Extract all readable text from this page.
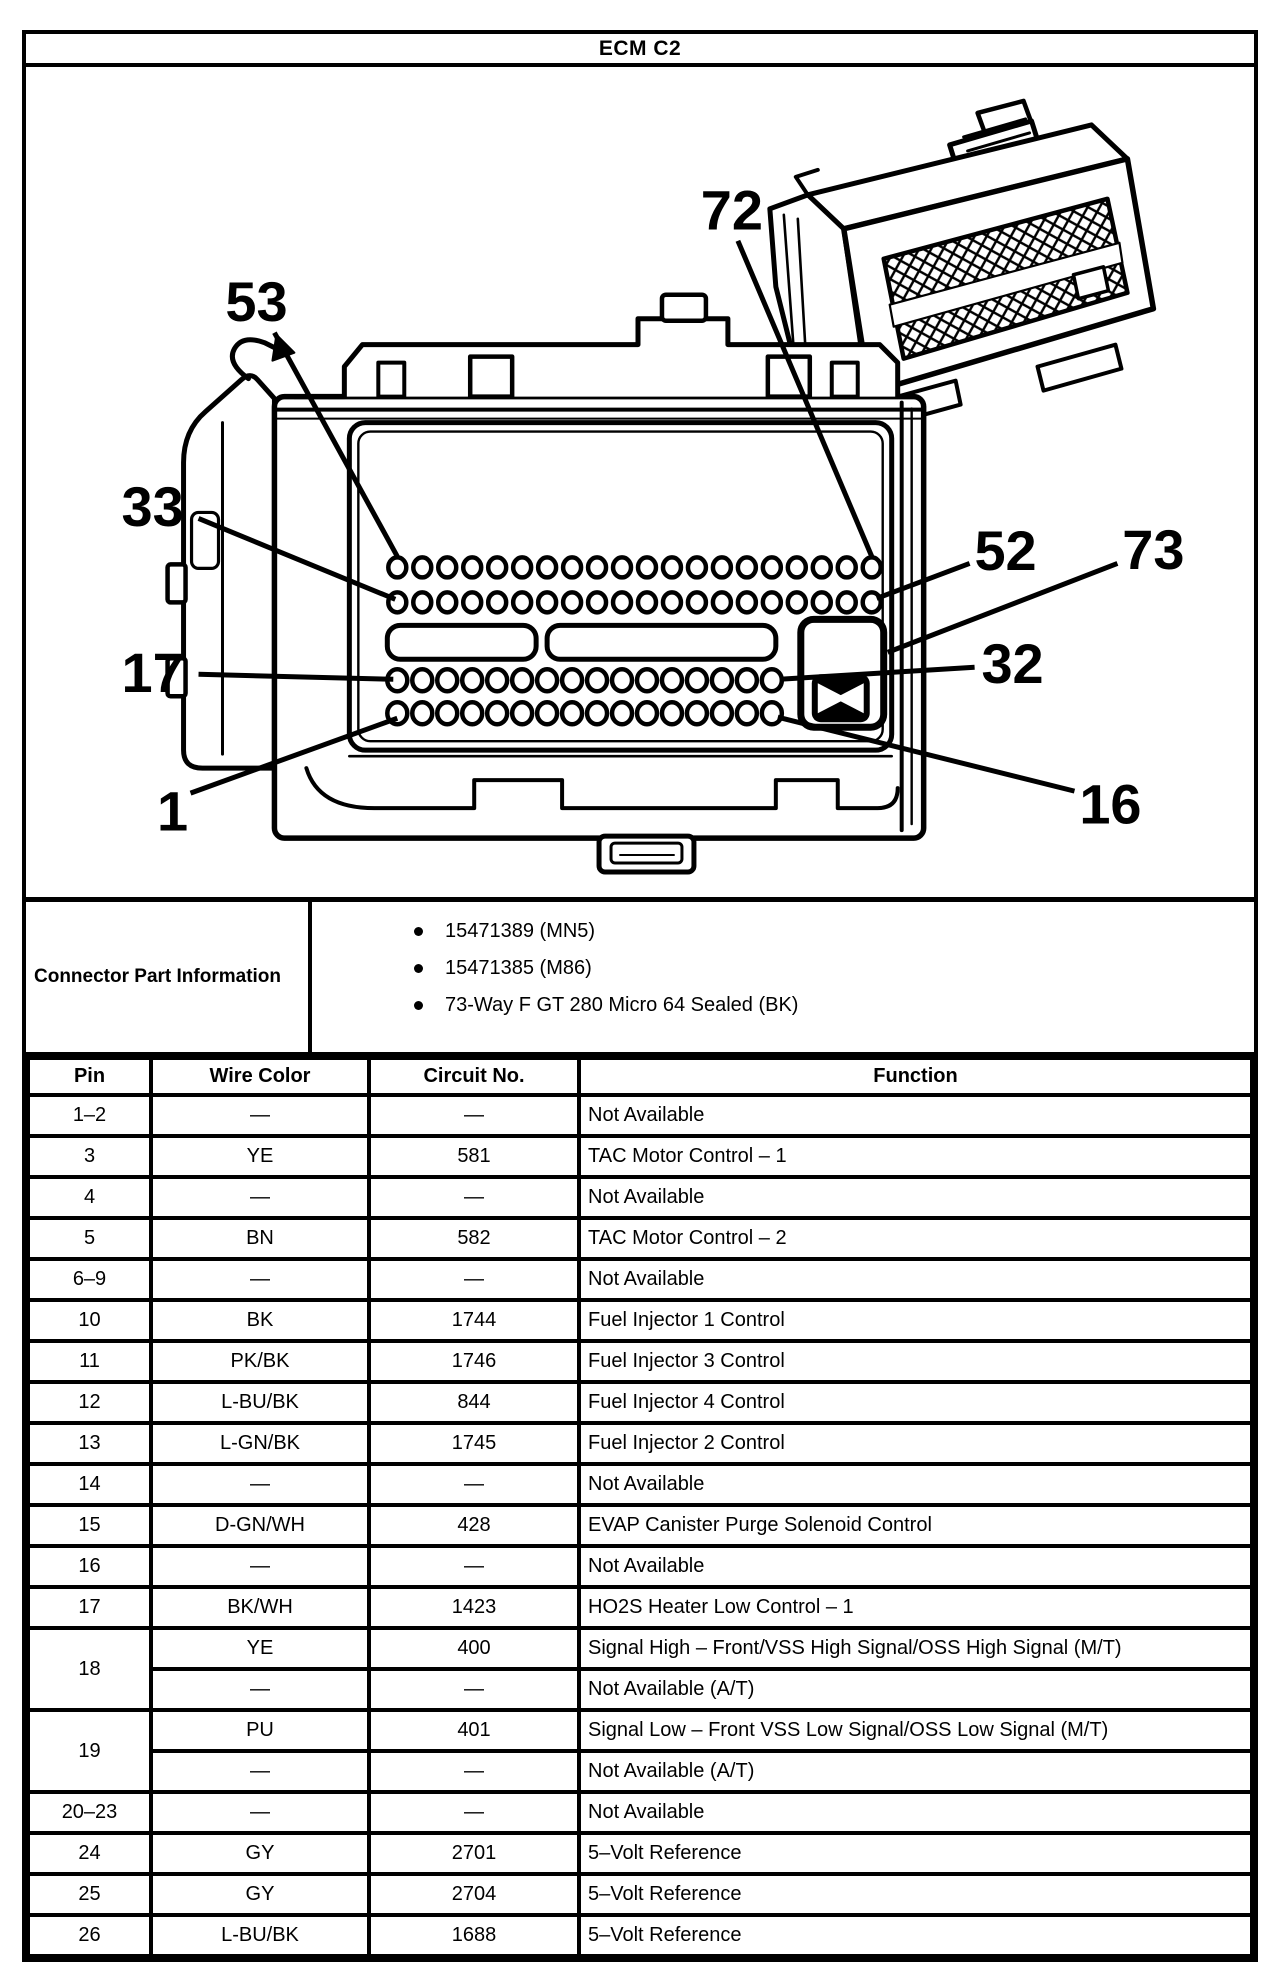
ECM C2
72
53
33
17
1
52 73
32
16
Connector Part Information
15471389 (MN5)
15471385 (M86)
73-Way F GT 280 Micro 64 Sealed (BK)
Pin	Wire Color	Circuit No.	Function
1–2	—	—	Not Available
3	YE	581	TAC Motor Control – 1
4	—	—	Not Available
5	BN	582	TAC Motor Control – 2
6–9	—	—	Not Available
10	BK	1744	Fuel Injector 1 Control
11	PK/BK	1746	Fuel Injector 3 Control
12	L-BU/BK	844	Fuel Injector 4 Control
13	L-GN/BK	1745	Fuel Injector 2 Control
14	—	—	Not Available
15	D-GN/WH	428	EVAP Canister Purge Solenoid Control
16	—	—	Not Available
17	BK/WH	1423	HO2S Heater Low Control – 1
18	YE	400	Signal High – Front/VSS High Signal/OSS High Signal (M/T)
	—	—	Not Available (A/T)
19	PU	401	Signal Low – Front VSS Low Signal/OSS Low Signal (M/T)
	—	—	Not Available (A/T)
20–23	—	—	Not Available
24	GY	2701	5–Volt Reference
25	GY	2704	5–Volt Reference
26	L-BU/BK	1688	5–Volt Reference
